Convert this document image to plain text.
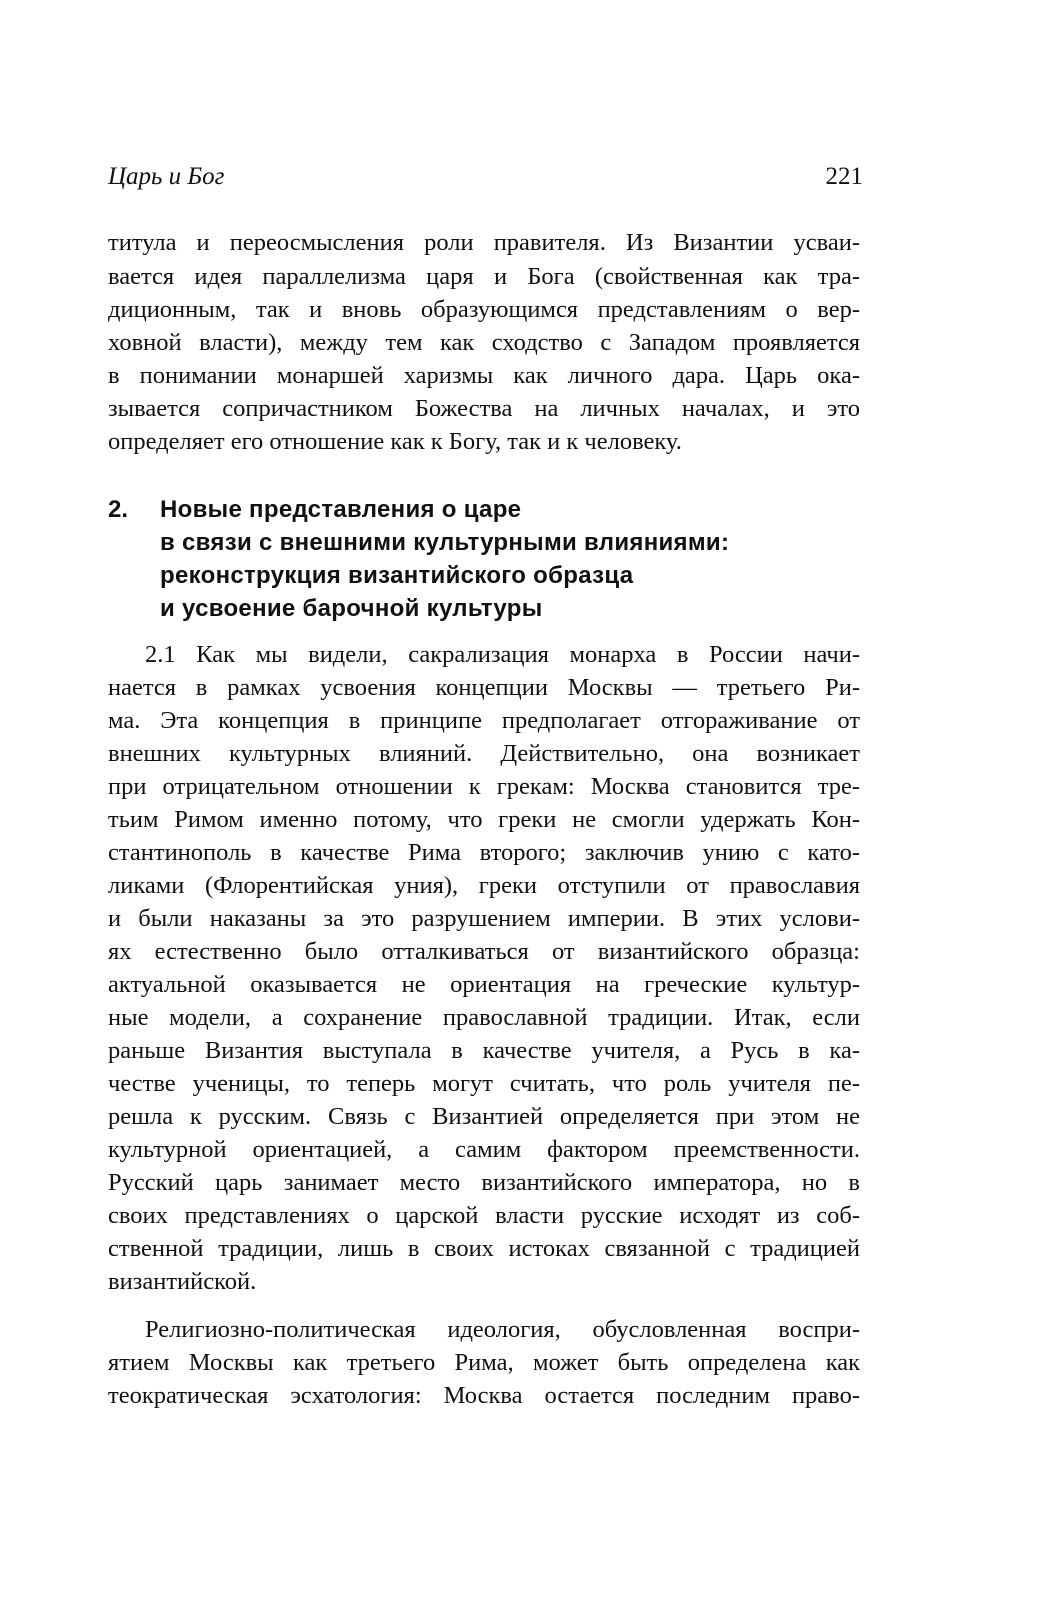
Царь и Бог	221
титула и переосмысления роли правителя. Из Византии усваи-
вается идея параллелизма царя и Бога (свойственная как тра-
диционным, так и вновь образующимся представлениям о вер-
ховной власти), между тем как сходство с Западом проявляется
в понимании монаршей харизмы как личного дара. Царь ока-
зывается сопричастником Божества на личных началах, и это
определяет его отношение как к Богу, так и к человеку.
2. Новые представления о царе
в связи с внешними культурными влияниями:
реконструкция византийского образца
и усвоение барочной культуры
2.1 Как мы видели, сакрализация монарха в России начи-
нается в рамках усвоения концепции Москвы — третьего Ри-
ма. Эта концепция в принципе предполагает отгораживание от
внешних культурных влияний. Действительно, она возникает
при отрицательном отношении к грекам: Москва становится тре-
тьим Римом именно потому, что греки не смогли удержать Кон-
стантинополь в качестве Рима второго; заключив унию с като-
ликами (Флорентийская уния), греки отступили от православия
и были наказаны за это разрушением империи. В этих услови-
ях естественно было отталкиваться от византийского образца:
актуальной оказывается не ориентация на греческие культур-
ные модели, а сохранение православной традиции. Итак, если
раньше Византия выступала в качестве учителя, а Русь в ка-
честве ученицы, то теперь могут считать, что роль учителя пе-
решла к русским. Связь с Византией определяется при этом не
культурной ориентацией, а самим фактором преемственности.
Русский царь занимает место византийского императора, но в
своих представлениях о царской власти русские исходят из соб-
ственной традиции, лишь в своих истоках связанной с традицией
византийской.
Религиозно-политическая идеология, обусловленная воспри-
ятием Москвы как третьего Рима, может быть определена как
теократическая эсхатология: Москва остается последним право-
